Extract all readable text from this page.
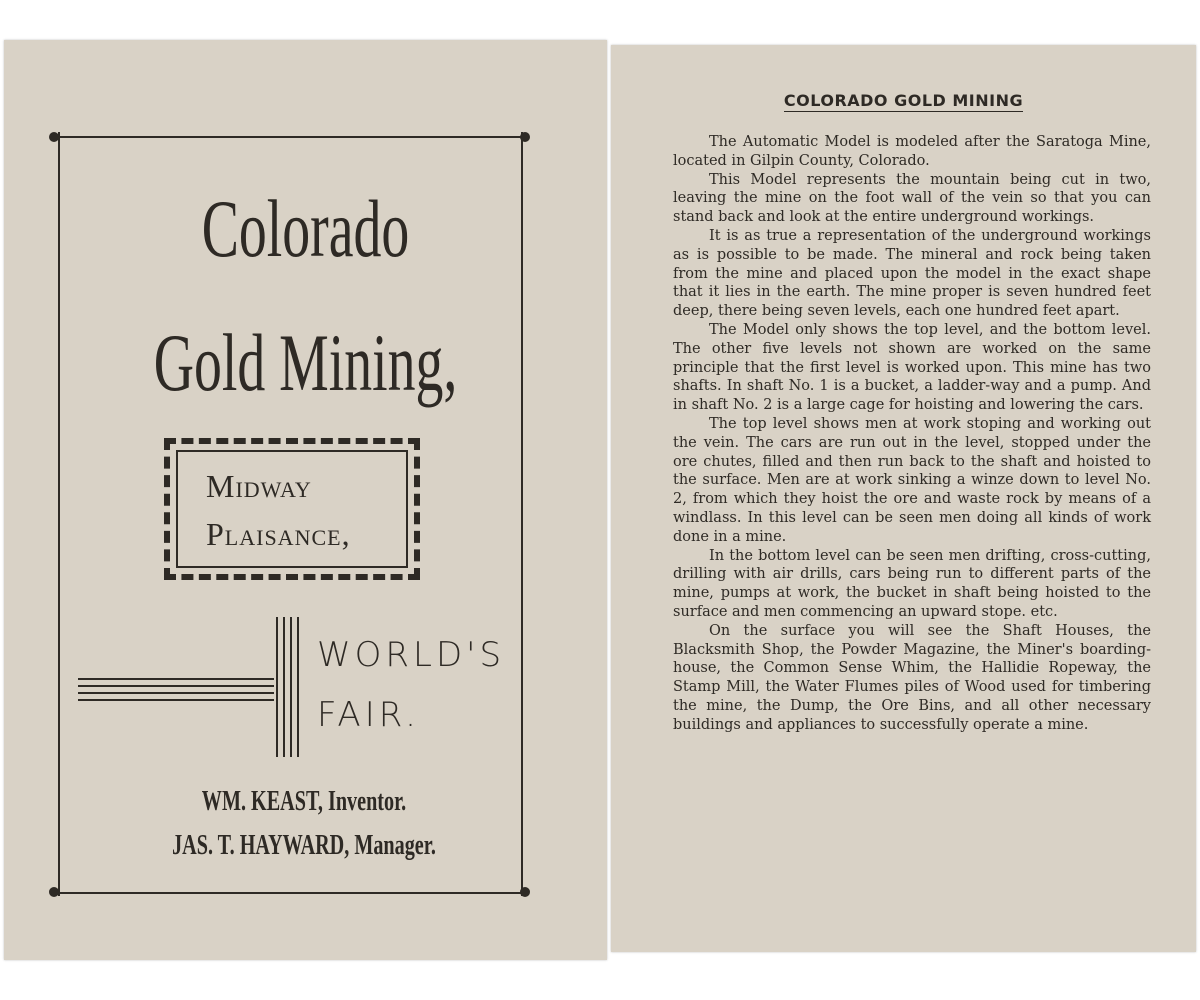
Colorado
Gold Mining,
Midway
Plaisance,
WORLD'S
FAIR.
WM. KEAST, Inventor.
JAS. T. HAYWARD, Manager.
COLORADO GOLD MINING

The Automatic Model is modeled after the Saratoga Mine, located in Gilpin County, Colorado.

This Model represents the mountain being cut in two, leaving the mine on the foot wall of the vein so that you can stand back and look at the entire underground workings.

It is as true a representation of the underground workings as is possible to be made. The mineral and rock being taken from the mine and placed upon the model in the exact shape that it lies in the earth. The mine proper is seven hundred feet deep, there being seven levels, each one hundred feet apart.

The Model only shows the top level, and the bottom level. The other five levels not shown are worked on the same principle that the first level is worked upon. This mine has two shafts. In shaft No. 1 is a bucket, a ladder-way and a pump. And in shaft No. 2 is a large cage for hoisting and lowering the cars.

The top level shows men at work stoping and working out the vein. The cars are run out in the level, stopped under the ore chutes, filled and then run back to the shaft and hoisted to the surface. Men are at work sinking a winze down to level No. 2, from which they hoist the ore and waste rock by means of a windlass. In this level can be seen men doing all kinds of work done in a mine.

In the bottom level can be seen men drifting, cross-cutting, drilling with air drills, cars being run to different parts of the mine, pumps at work, the bucket in shaft being hoisted to the surface and men commencing an upward stope. etc.

On the surface you will see the Shaft Houses, the Blacksmith Shop, the Powder Magazine, the Miner's boarding-house, the Common Sense Whim, the Hallidie Ropeway, the Stamp Mill, the Water Flumes piles of Wood used for timbering the mine, the Dump, the Ore Bins, and all other necessary buildings and appliances to successfully operate a mine.
